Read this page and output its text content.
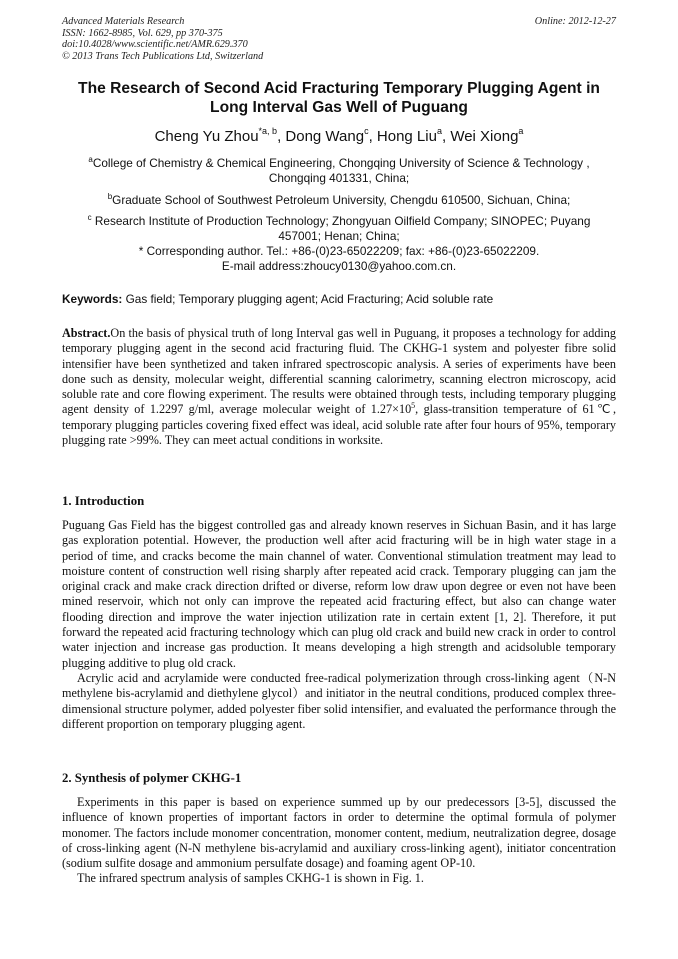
Advanced Materials Research
ISSN: 1662-8985, Vol. 629, pp 370-375
doi:10.4028/www.scientific.net/AMR.629.370
© 2013 Trans Tech Publications Ltd, Switzerland
Online: 2012-12-27
The Research of Second Acid Fracturing Temporary Plugging Agent in Long Interval Gas Well of Puguang
Cheng Yu Zhou$^{*a, b}$, Dong Wang$^c$, Hong Liu$^a$, Wei Xiong$^a$
$^a$College of Chemistry & Chemical Engineering, Chongqing University of Science & Technology , Chongqing 401331, China;
$^b$Graduate School of Southwest Petroleum University, Chengdu 610500, Sichuan, China;
$^c$ Research Institute of Production Technology; Zhongyuan Oilfield Company; SINOPEC; Puyang 457001; Henan; China;
* Corresponding author. Tel.: +86-(0)23-65022209; fax: +86-(0)23-65022209.
E-mail address:zhoucy0130@yahoo.com.cn.
Keywords: Gas field; Temporary plugging agent; Acid Fracturing; Acid soluble rate

Abstract.On the basis of physical truth of long Interval gas well in Puguang, it proposes a technology for adding temporary plugging agent in the second acid fracturing fluid. The CKHG-1 system and polyester fibre solid intensifier have been synthetized and taken infrared spectroscopic analysis. A series of experiments have been done such as density, molecular weight, differential scanning calorimetry, scanning electron microscopy, acid soluble rate and core flowing experiment. The results were obtained through tests, including temporary plugging agent density of 1.2297 g/ml, average molecular weight of $1.27\times 10^5$, glass-transition temperature of 61℃, temporary plugging particles covering fixed effect was ideal, acid soluble rate after four hours of 95%, temporary plugging rate >99%. They can meet actual conditions in worksite.

1. Introduction

Puguang Gas Field has the biggest controlled gas and already known reserves in Sichuan Basin, and it has large gas exploration potential. However, the production well after acid fracturing will be in high water stage in a period of time, and cracks become the main channel of water. Conventional stimulation treatment may lead to moisture content of construction well rising sharply after repeated acid crack. Temporary plugging can jam the original crack and make crack direction drifted or diverse, reform low draw upon degree or even not have been mined reservoir, which not only can improve the repeated acid fracturing effect, but also can change water flooding direction and improve the water injection utilization rate in certain extent [1, 2]. Therefore, it put forward the repeated acid fracturing technology which can plug old crack and build new crack in order to control water injection and increase gas production. It means developing a high strength and acidsoluble temporary plugging additive to plug old crack.

Acrylic acid and acrylamide were conducted free-radical polymerization through cross-linking agent（N-N methylene bis-acrylamid and diethylene glycol）and initiator in the neutral conditions, produced complex three-dimensional structure polymer, added polyester fiber solid intensifier, and evaluated the performance through the different proportion on temporary plugging agent.

2. Synthesis of polymer CKHG-1

Experiments in this paper is based on experience summed up by our predecessors [3-5], discussed the influence of known properties of important factors in order to determine the optimal formula of polymer monomer. The factors include monomer concentration, monomer content, medium, neutralization degree, dosage of cross-linking agent (N-N methylene bis-acrylamid and auxiliary cross-linking agent), initiator concentration (sodium sulfite dosage and ammonium persulfate dosage) and foaming agent OP-10.

The infrared spectrum analysis of samples CKHG-1 is shown in Fig. 1.
